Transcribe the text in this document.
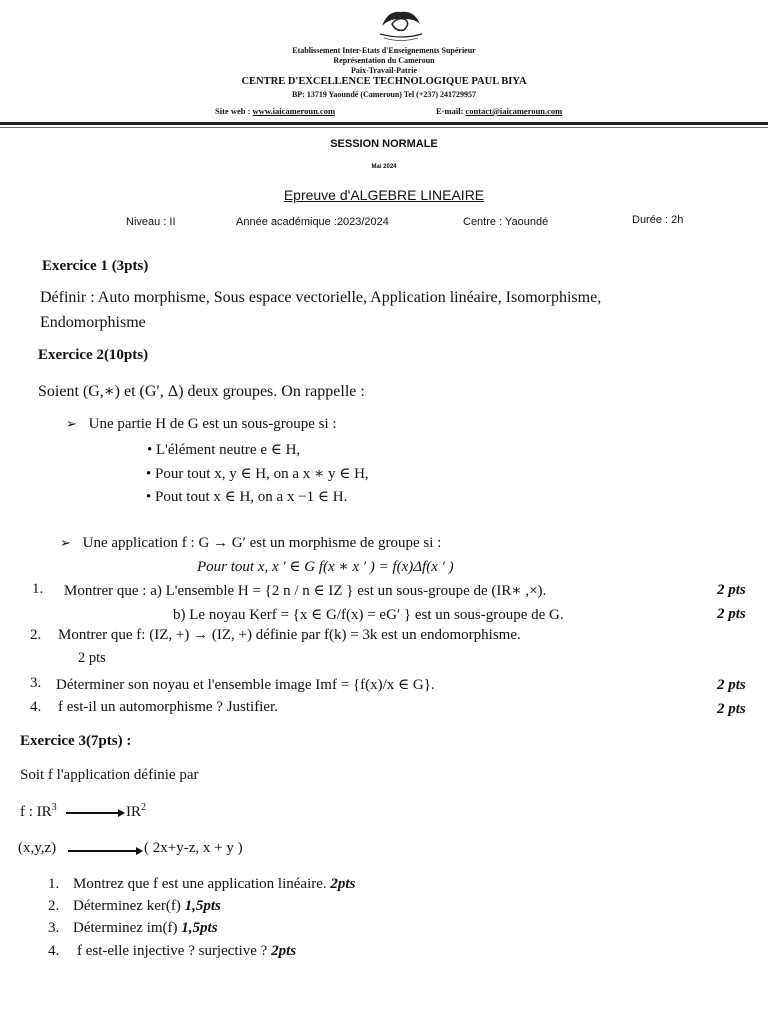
Etablissement Inter-Etats d'Enseignements Supérieur
Représentation du Cameroun
Paix-Travail-Patrie
CENTRE D'EXCELLENCE TECHNOLOGIQUE PAUL BIYA
BP: 13719 Yaoundé (Cameroun) Tel (+237) 241729957
Site web : www.iaicameroun.com	E-mail: contact@iaicameroun.com
SESSION NORMALE
Mai 2024
Epreuve d'ALGEBRE LINEAIRE
Niveau : II	Année académique :2023/2024	Centre : Yaoundé	Durée : 2h
Exercice 1 (3pts)
Définir : Auto morphisme, Sous espace vectorielle, Application linéaire, Isomorphisme,
Endomorphisme
Exercice 2(10pts)
Soient (G,∗) et (G′, Δ) deux groupes. On rappelle :
➢ Une partie H de G est un sous-groupe si :
• L'élément neutre e ∈ H,
• Pour tout x, y ∈ H, on a x ∗ y ∈ H,
• Pout tout x ∈ H, on a x −1 ∈ H.
➢ Une application f : G → G′ est un morphisme de groupe si :
Pour tout x, x ′ ∈ G f(x ∗ x ′ ) = f(x)Δf(x ′ )
1. Montrer que : a) L'ensemble H = {2 n / n ∈ IZ } est un sous-groupe de (IR∗ ,×).	2 pts
b) Le noyau Kerf = {x ∈ G/f(x) = eG′ } est un sous-groupe de G.	2 pts
2. Montrer que f: (IZ, +) → (IZ, +) définie par f(k) = 3k est un endomorphisme.
2 pts
3. Déterminer son noyau et l'ensemble image Imf = {f(x)/x ∈ G}.	2 pts
4. f est-il un automorphisme ? Justifier.	2 pts
Exercice 3(7pts) :
Soit f l'application définie par
f : $IR^3$	$IR^2$
(x,y,z)	( 2x+y-z, x + y )
1. Montrez que f est une application linéaire. 2pts
2. Déterminez ker(f) 1,5pts
3. Déterminez im(f) 1,5pts
4. f est-elle injective ? surjective ? 2pts
